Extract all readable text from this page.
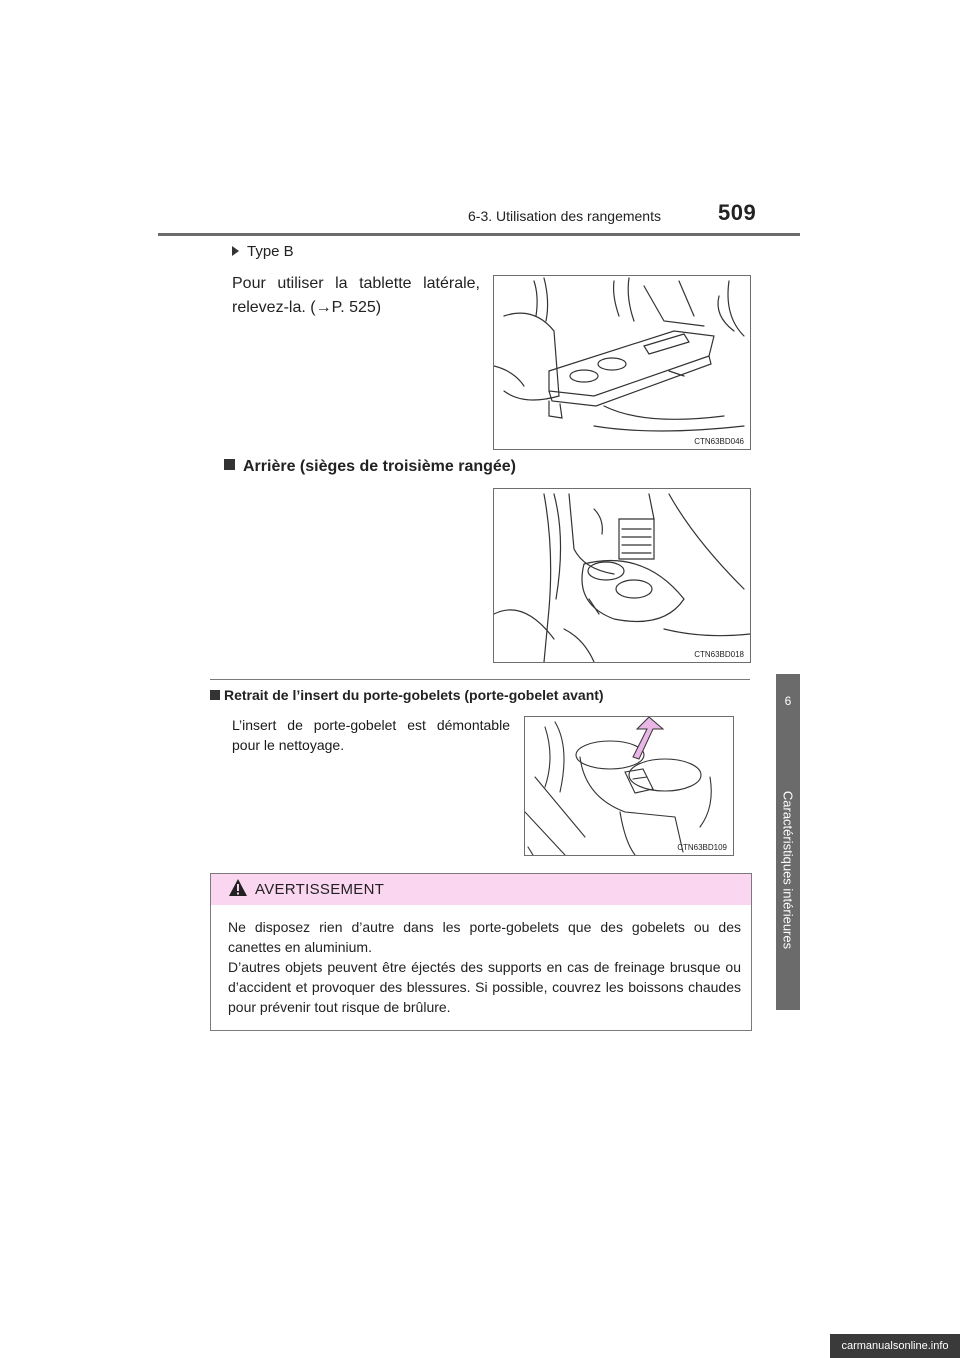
6-3. Utilisation des rangements	509
6
Caractéristiques intérieures
Type B
Pour utiliser la tablette latérale, relevez-la. (→P. 525)
CTN63BD046
Arrière (sièges de troisième rangée)
CTN63BD018
Retrait de l’insert du porte-gobelets (porte-gobelet avant)
L’insert de porte-gobelet est démontable pour le nettoyage.
CTN63BD109
AVERTISSEMENT
Ne disposez rien d’autre dans les porte-gobelets que des gobelets ou des canettes en aluminium.
D’autres objets peuvent être éjectés des supports en cas de freinage brusque ou d’accident et provoquer des blessures. Si possible, couvrez les boissons chaudes pour prévenir tout risque de brûlure.
carmanualsonline.info
